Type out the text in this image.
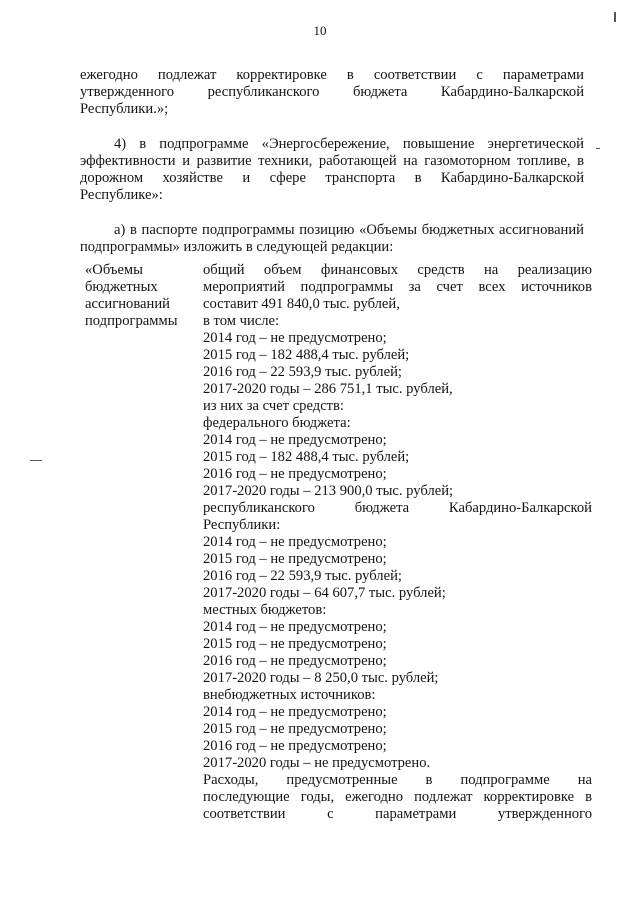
10
ежегодно подлежат корректировке в соответствии с параметрами
утвержденного республиканского бюджета Кабардино-Балкарской
Республики.»;
4) в подпрограмме «Энергосбережение, повышение энергетической
эффективности и развитие техники, работающей на газомоторном топливе, в
дорожном хозяйстве и сфере транспорта в Кабардино-Балкарской
Республике»:
а) в паспорте подпрограммы позицию «Объемы бюджетных ассигнований
подпрограммы» изложить в следующей редакции:
«Объемы
бюджетных
ассигнований
подпрограммы
общий объем финансовых средств на реализацию
мероприятий подпрограммы за счет всех источников
составит 491 840,0 тыс. рублей,
в том числе:
2014 год – не предусмотрено;
2015 год – 182 488,4 тыс. рублей;
2016 год – 22 593,9 тыс. рублей;
2017-2020 годы – 286 751,1 тыс. рублей,
из них за счет средств:
федерального бюджета:
2014 год – не предусмотрено;
2015 год – 182 488,4 тыс. рублей;
2016 год – не предусмотрено;
2017-2020 годы – 213 900,0 тыс. рублей;
республиканского бюджета Кабардино-Балкарской
Республики:
2014 год – не предусмотрено;
2015 год – не предусмотрено;
2016 год – 22 593,9 тыс. рублей;
2017-2020 годы – 64 607,7 тыс. рублей;
местных бюджетов:
2014 год – не предусмотрено;
2015 год – не предусмотрено;
2016 год – не предусмотрено;
2017-2020 годы – 8 250,0 тыс. рублей;
внебюджетных источников:
2014 год – не предусмотрено;
2015 год – не предусмотрено;
2016 год – не предусмотрено;
2017-2020 годы – не предусмотрено.
Расходы, предусмотренные в подпрограмме на
последующие годы, ежегодно подлежат корректировке в
соответствии с параметрами утвержденного
